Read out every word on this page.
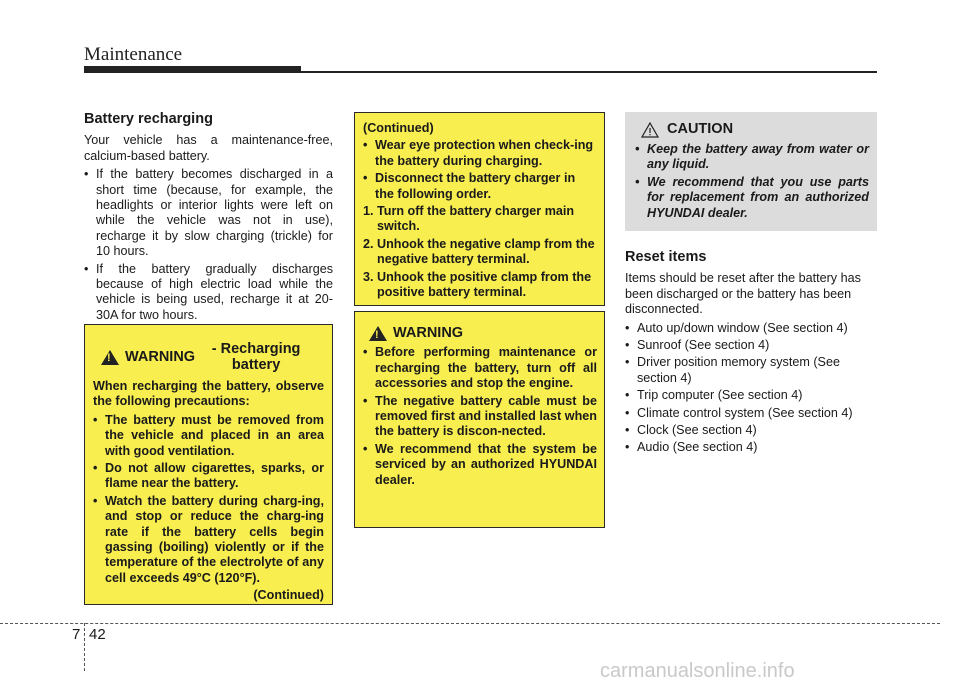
Maintenance
Battery recharging

Your vehicle has a maintenance-free, calcium-based battery.

• If the battery becomes discharged in a short time (because, for example, the headlights or interior lights were left on while the vehicle was not in use), recharge it by slow charging (trickle) for 10 hours.
• If the battery gradually discharges because of high electric load while the vehicle is being used, recharge it at 20-30A for two hours.
!
WARNING	- Recharging battery

When recharging the battery, observe the following precautions:

• The battery must be removed from the vehicle and placed in an area with good ventilation.
• Do not allow cigarettes, sparks, or flame near the battery.
• Watch the battery during charg-ing, and stop or reduce the charg-ing rate if the battery cells begin gassing (boiling) violently or if the temperature of the electrolyte of any cell exceeds 49°C (120°F).
(Continued)
(Continued)
• Wear eye protection when check-ing the battery during charging.
• Disconnect the battery charger in the following order.
1. Turn off the battery charger main switch.
2. Unhook the negative clamp from the negative battery terminal.
3. Unhook the positive clamp from the positive battery terminal.
!
WARNING
• Before performing maintenance or recharging the battery, turn off all accessories and stop the engine.
• The negative battery cable must be removed first and installed last when the battery is discon-nected.
• We recommend that the system be serviced by an authorized HYUNDAI dealer.
CAUTION
• Keep the battery away from water or any liquid.
• We recommend that you use parts for replacement from an authorized HYUNDAI dealer.
Reset items

Items should be reset after the battery has been discharged or the battery has been disconnected.

• Auto up/down window (See section 4)
• Sunroof (See section 4)
• Driver position memory system (See section 4)
• Trip computer (See section 4)
• Climate control system (See section 4)
• Clock (See section 4)
• Audio (See section 4)
7 42
carmanualsonline.info
